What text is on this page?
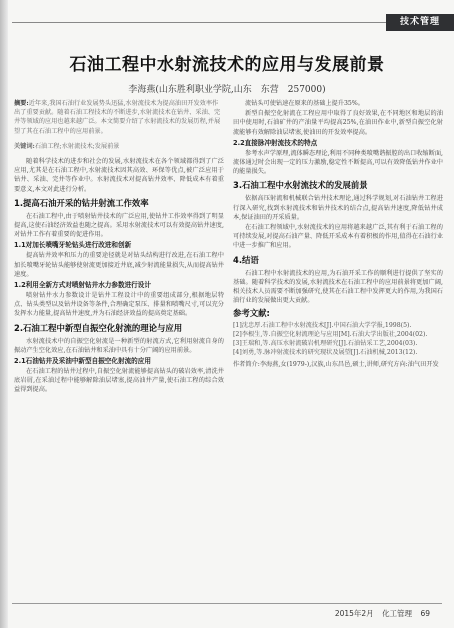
技术管理
石油工程中水射流技术的应用与发展前景
李海燕(山东胜利职业学院,山东　东营　257000)
摘要:近年来,我国石油行业发展势头迅猛,水射流技术为提高油田开发效率作出了重要贡献。随着石油工程技术的不断进步,水射流技术在钻井、采油、完井等领域的应用也越来越广泛。本文简要介绍了水射流技术的发展历程,并展望了其在石油工程中的应用前景。
关键词:石油工程;水射流技术;发展前景

随着科学技术的进步和社会的发展,水射流技术在各个领域都得到了广泛应用,尤其是在石油工程中,水射流技术因其高效、环保等优点,被广泛应用于钻井、采油、完井等作业中。水射流技术对提高钻井效率、降低成本有着重要意义,本文对此进行分析。

1.提高石油开采的钻井射流工作效率

在石油工程中,由于喷射钻井技术的广泛应用,使钻井工作效率得到了明显提高,这使石油经济效益也随之提高。采用水射流技术可以有效提高钻井速度,对钻井工作有着重要的促进作用。

1.1对加长喷嘴牙轮钻头进行改进和创新

提高钻井效率和压力的重要途径就是对钻头结构进行改进,在石油工程中加长喷嘴牙轮钻头能够使射流更加接近井底,减少射流能量损失,从而提高钻井速度。

1.2利用全新方式对喷射钻井水力参数进行设计

喷射钻井水力参数设计是钻井工程设计中的重要组成部分,根据地层特点、钻头类型以及钻井设备等条件,合理确定泵压、排量和喷嘴尺寸,可以充分发挥水力能量,提高钻井速度,并为石油经济效益的提高奠定基础。

2.石油工程中新型自振空化射流的理论与应用

水射流技术中的自振空化射流是一种新型的射流方式,它利用射流自身的振动产生空化效应,在石油钻井和采油中具有十分广阔的应用前景。

2.1石油钻井及采油中新型自振空化射流的应用

在石油工程的钻井过程中,自振空化射流能够提高钻头的破岩效率,清洗井底岩屑,在采油过程中能够解除油层堵塞,提高油井产量,使石油工程的综合效益得到提高。

流钻头可使钻速在原来的基础上提升35%。

新型自振空化射流在工程应用中取得了良好效果,在不同地区和地层的油田中使用时,石油矿井的产油量平均提高25%,在油田作业中,新型自振空化射流能够有效解除油层堵塞,使油田的开发效率提高。

2.2直接脉冲射流技术的特点

参考水声学原理,流体瞬态理论,利用不同种类喷嘴谐振腔的出口收缩断面,流体通过时会出现一定的压力激励,稳定性不断提高,可以有效降低钻井作业中的能量损失。

3.石油工程中水射流技术的发展前景

依据高压射流和机械联合钻井技术理论,通过科学规划,对石油钻井工程进行深入研究,找到水射流技术和钻井技术的结合点,提高钻井速度,降低钻井成本,保证油田的开采质量。

在石油工程领域中,水射流技术的应用将越来越广泛,其有利于石油工程的可持续发展,对提高石油产量、降低开采成本有着积极的作用,值得在石油行业中进一步推广和应用。

4.结语

石油工程中水射流技术的应用,为石油开采工作的顺利进行提供了坚实的基础。随着科学技术的发展,水射流技术在石油工程中的应用前景将更加广阔,相关技术人员需要不断加强研究,使其在石油工程中发挥更大的作用,为我国石油行业的发展做出更大贡献。

参考文献:

[1]沈忠厚.石油工程中水射流技术[J].中国石油大学学报,1998(5).

[2]李根生,等.自振空化射流理论与应用[M].石油大学出版社,2004(02).

[3]王瑞和,等.高压水射流破岩机理研究[J].石油钻采工艺,2004(03).

[4]刘勇,等.脉冲射流技术的研究现状及展望[J].石油机械,2013(12).

作者简介:李海燕,女(1979-),汉族,山东昌邑,硕士,讲师,研究方向:油气田开发

2015年2月 化工管理 69
